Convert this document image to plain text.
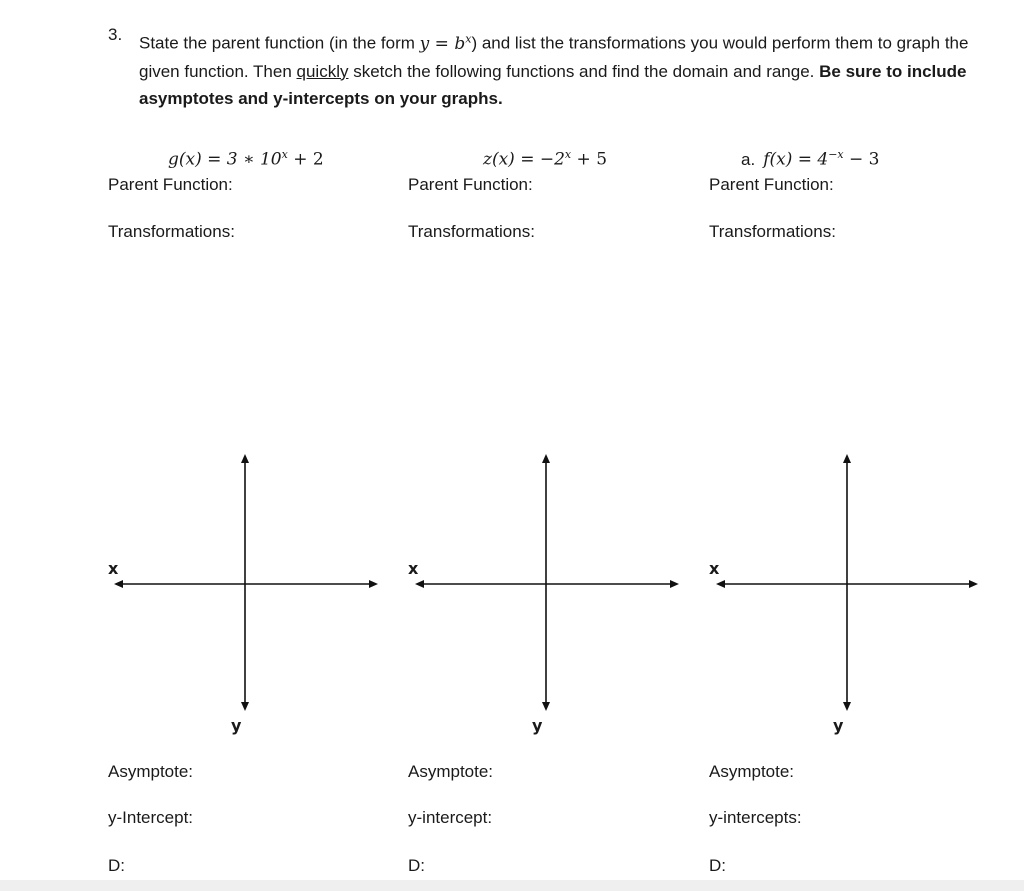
3. State the parent function (in the form $y = b^x$) and list the transformations you would perform them to graph the given function. Then quickly sketch the following functions and find the domain and range. Be sure to include asymptotes and y-intercepts on your graphs.
g(x) = 3 ∗ $10^x + 2$
Parent Function:
Transformations:
x
y
Asymptote:
y-Intercept:
D:
$z(x) = -2^x + 5$
Parent Function:
Transformations:
x
y
Asymptote:
y-intercept:
D:
a. $f(x) = 4^{-x} - 3$
Parent Function:
Transformations:
x
y
Asymptote:
y-intercepts:
D:
